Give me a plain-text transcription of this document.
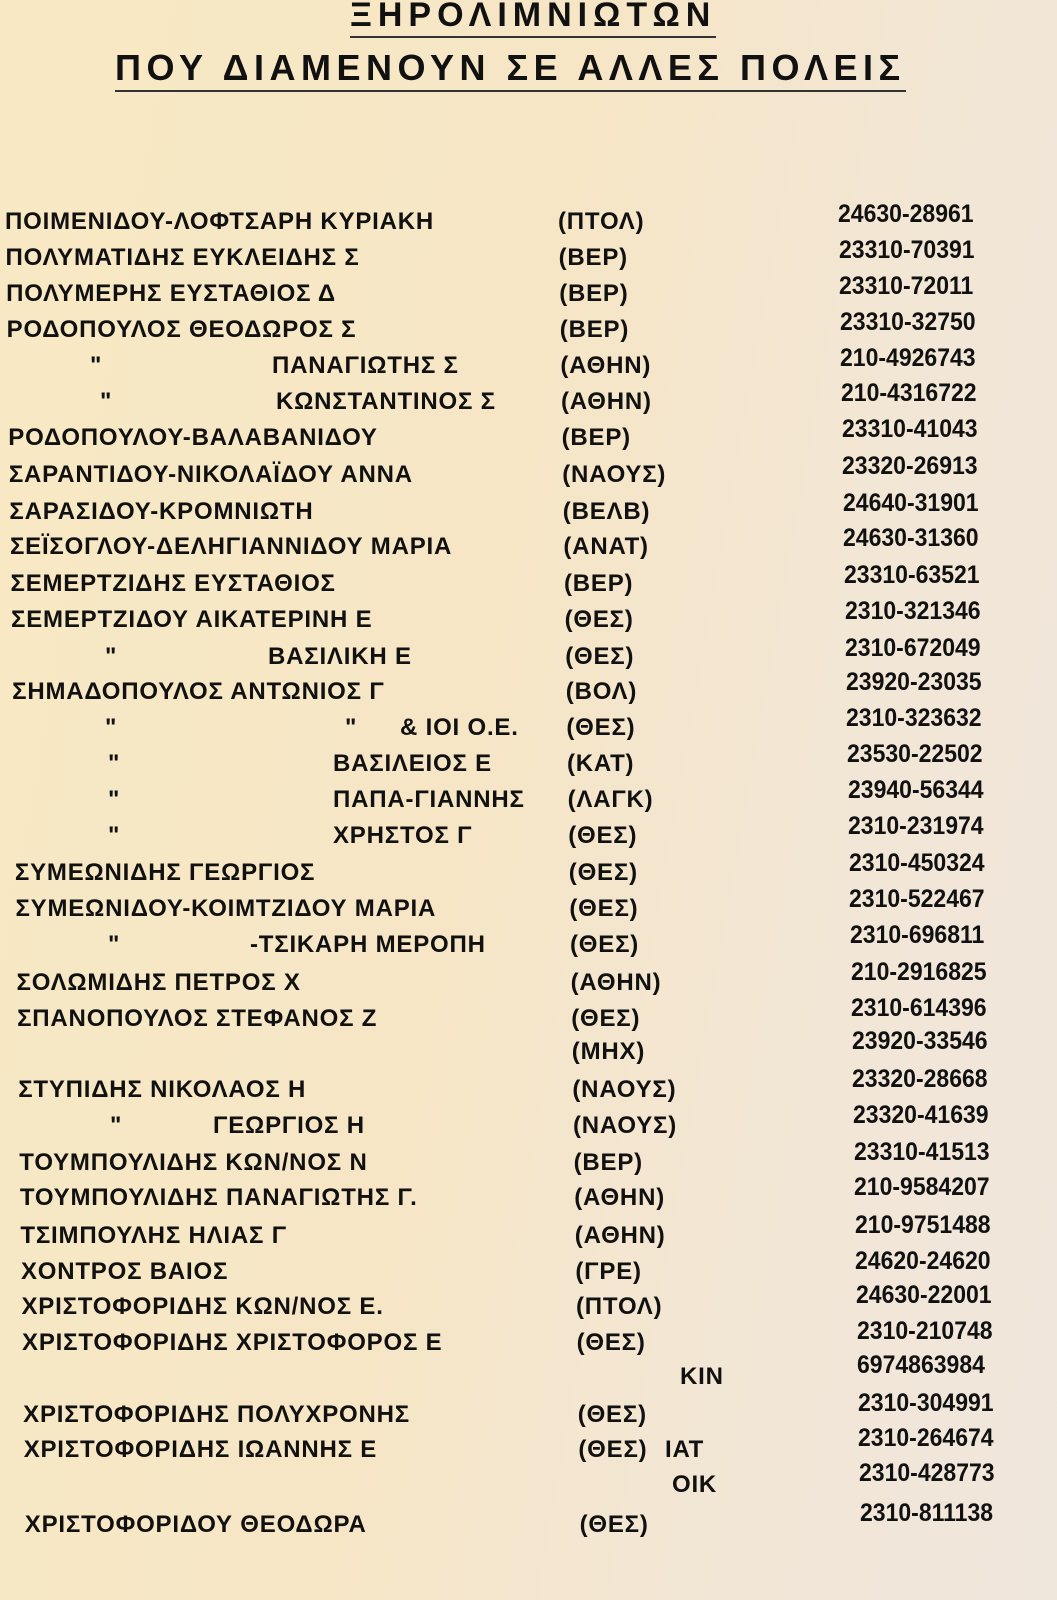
ΞΗΡΟΛΙΜΝΙΩΤΩΝ
ΠΟΥ ΔΙΑΜΕΝΟΥΝ ΣΕ ΑΛΛΕΣ ΠΟΛΕΙΣ
ΠΟΙΜΕΝΙΔΟΥ-ΛΟΦΤΣΑΡΗ ΚΥΡΙΑΚΗ	(ΠΤΟΛ)	24630-28961
ΠΟΛΥΜΑΤΙΔΗΣ ΕΥΚΛΕΙΔΗΣ Σ	(ΒΕΡ)	23310-70391
ΠΟΛΥΜΕΡΗΣ ΕΥΣΤΑΘΙΟΣ Δ	(ΒΕΡ)	23310-72011
ΡΟΔΟΠΟΥΛΟΣ ΘΕΟΔΩΡΟΣ Σ	(ΒΕΡ)	23310-32750
"	ΠΑΝΑΓΙΩΤΗΣ Σ	(ΑΘΗΝ)	210-4926743
"	ΚΩΝΣΤΑΝΤΙΝΟΣ Σ	(ΑΘΗΝ)	210-4316722
ΡΟΔΟΠΟΥΛΟΥ-ΒΑΛΑΒΑΝΙΔΟΥ	(ΒΕΡ)	23310-41043
ΣΑΡΑΝΤΙΔΟΥ-ΝΙΚΟΛΑΪΔΟΥ ΑΝΝΑ	(ΝΑΟΥΣ)	23320-26913
ΣΑΡΑΣΙΔΟΥ-ΚΡΟΜΝΙΩΤΗ	(ΒΕΛΒ)	24640-31901
ΣΕΪΣΟΓΛΟΥ-ΔΕΛΗΓΙΑΝΝΙΔΟΥ ΜΑΡΙΑ	(ΑΝΑΤ)	24630-31360
ΣΕΜΕΡΤΖΙΔΗΣ ΕΥΣΤΑΘΙΟΣ	(ΒΕΡ)	23310-63521
ΣΕΜΕΡΤΖΙΔΟΥ ΑΙΚΑΤΕΡΙΝΗ Ε	(ΘΕΣ)	2310-321346
"	ΒΑΣΙΛΙΚΗ Ε	(ΘΕΣ)	2310-672049
ΣΗΜΑΔΟΠΟΥΛΟΣ ΑΝΤΩΝΙΟΣ Γ	(ΒΟΛ)	23920-23035
"	" & ΙΟΙ Ο.Ε. (ΘΕΣ)	2310-323632
"	ΒΑΣΙΛΕΙΟΣ Ε	(ΚΑΤ)	23530-22502
"	ΠΑΠΑ-ΓΙΑΝΝΗΣ (ΛΑΓΚ)	23940-56344
"	ΧΡΗΣΤΟΣ Γ	(ΘΕΣ)	2310-231974
ΣΥΜΕΩΝΙΔΗΣ ΓΕΩΡΓΙΟΣ	(ΘΕΣ)	2310-450324
ΣΥΜΕΩΝΙΔΟΥ-ΚΟΙΜΤΖΙΔΟΥ ΜΑΡΙΑ	(ΘΕΣ)	2310-522467
"	-ΤΣΙΚΑΡΗ ΜΕΡΟΠΗ	(ΘΕΣ)	2310-696811
ΣΟΛΩΜΙΔΗΣ ΠΕΤΡΟΣ Χ	(ΑΘΗΝ)	210-2916825
ΣΠΑΝΟΠΟΥΛΟΣ ΣΤΕΦΑΝΟΣ Ζ	(ΘΕΣ)	2310-614396
(ΜΗΧ)	23920-33546
ΣΤΥΠΙΔΗΣ ΝΙΚΟΛΑΟΣ Η	(ΝΑΟΥΣ)	23320-28668
"	ΓΕΩΡΓΙΟΣ Η	(ΝΑΟΥΣ)	23320-41639
ΤΟΥΜΠΟΥΛΙΔΗΣ ΚΩΝ/ΝΟΣ Ν	(ΒΕΡ)	23310-41513
ΤΟΥΜΠΟΥΛΙΔΗΣ ΠΑΝΑΓΙΩΤΗΣ Γ.	(ΑΘΗΝ)	210-9584207
ΤΣΙΜΠΟΥΛΗΣ ΗΛΙΑΣ Γ	(ΑΘΗΝ)	210-9751488
ΧΟΝΤΡΟΣ ΒΑΙΟΣ	(ΓΡΕ)	24620-24620
ΧΡΙΣΤΟΦΟΡΙΔΗΣ ΚΩΝ/ΝΟΣ Ε.	(ΠΤΟΛ)	24630-22001
ΧΡΙΣΤΟΦΟΡΙΔΗΣ ΧΡΙΣΤΟΦΟΡΟΣ Ε	(ΘΕΣ)	2310-210748
ΚΙΝ	6974863984
ΧΡΙΣΤΟΦΟΡΙΔΗΣ ΠΟΛΥΧΡΟΝΗΣ	(ΘΕΣ)	2310-304991
ΧΡΙΣΤΟΦΟΡΙΔΗΣ ΙΩΑΝΝΗΣ Ε	(ΘΕΣ) ΙΑΤ	2310-264674
ΟΙΚ	2310-428773
ΧΡΙΣΤΟΦΟΡΙΔΟΥ ΘΕΟΔΩΡΑ	(ΘΕΣ)	2310-811138
